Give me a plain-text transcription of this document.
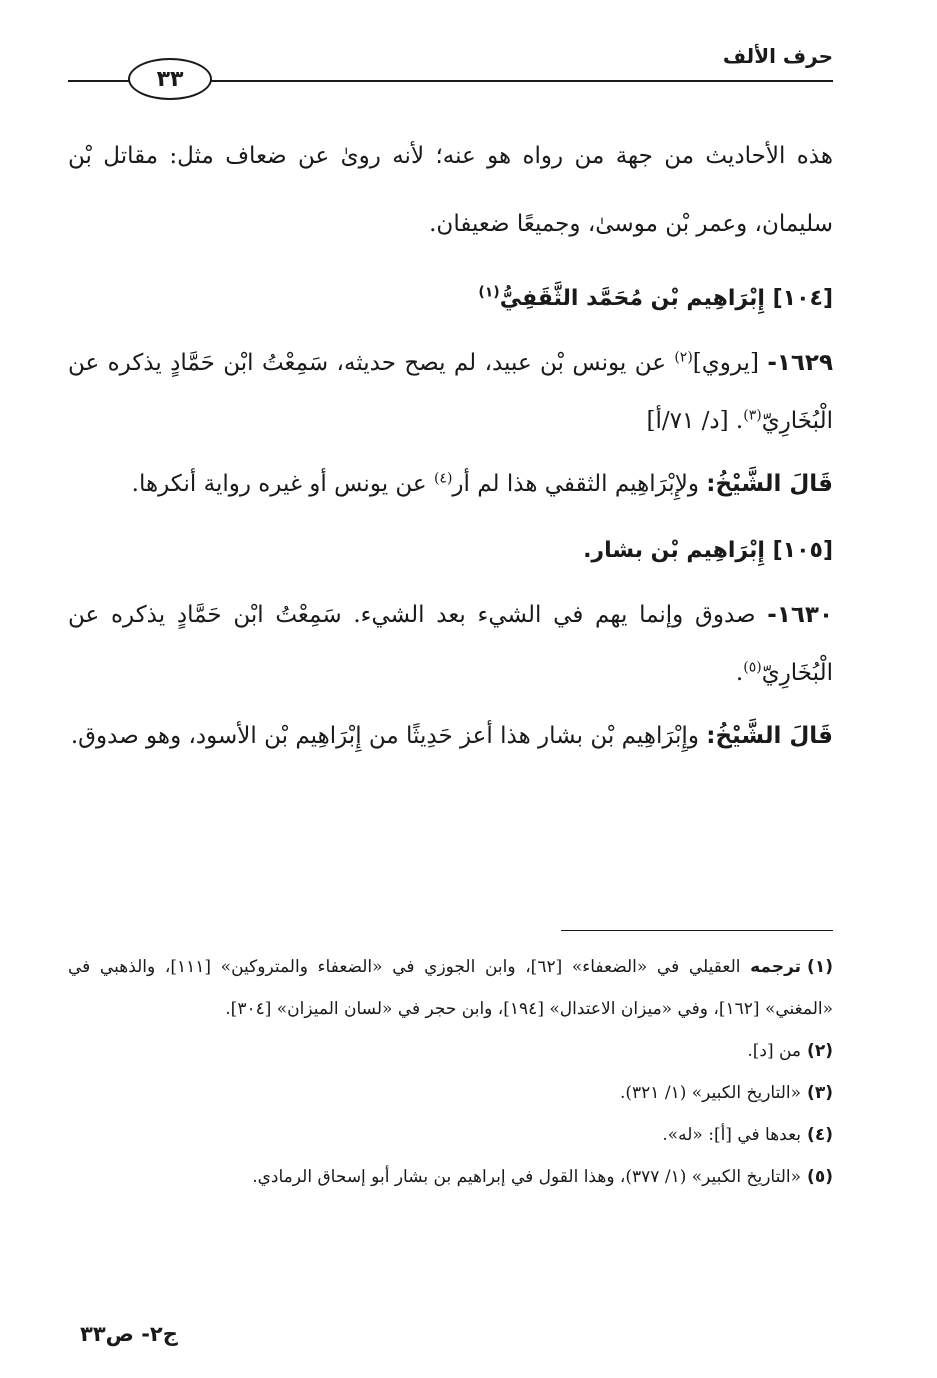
حرف الألف
٣٣

هذه الأحاديث من جهة من رواه هو عنه؛ لأنه روىٰ عن ضعاف مثل: مقاتل بْن سليمان، وعمر بْن موسىٰ، وجميعًا ضعيفان.

[١٠٤] إِبْرَاهِيم بْن مُحَمَّد الثَّقَفِيُّ$^{(١)}$

١٦٢٩- [يروي]$^{(٢)}$ عن يونس بْن عبيد، لم يصح حديثه، سَمِعْتُ ابْن حَمَّادٍ يذكره عن الْبُخَارِيّ$^{(٣)}$. [د/ ٧١/أ]

قَالَ الشَّيْخُ: ولإِبْرَاهِيم الثقفي هذا لم أر$^{(٤)}$ عن يونس أو غيره رواية أنكرها.

[١٠٥] إِبْرَاهِيم بْن بشار.

١٦٣٠- صدوق وإنما يهم في الشيء بعد الشيء. سَمِعْتُ ابْن حَمَّادٍ يذكره عن الْبُخَارِيّ$^{(٥)}$.

قَالَ الشَّيْخُ: وإِبْرَاهِيم بْن بشار هذا أعز حَدِيثًا من إِبْرَاهِيم بْن الأسود، وهو صدوق.

(١)ترجمه العقيلي في «الضعفاء» [٦٢]، وابن الجوزي في «الضعفاء والمتروكين» [١١١]، والذهبي في «المغني» [١٦٢]، وفي «ميزان الاعتدال» [١٩٤]، وابن حجر في «لسان الميزان» [٣٠٤].

(٢)من [د].

(٣)«التاريخ الكبير» (١/ ٣٢١).

(٤)بعدها في [أ]: «له».

(٥)«التاريخ الكبير» (١/ ٣٧٧)، وهذا القول في إبراهيم بن بشار أبو إسحاق الرمادي.

ج٢- ص٣٣
